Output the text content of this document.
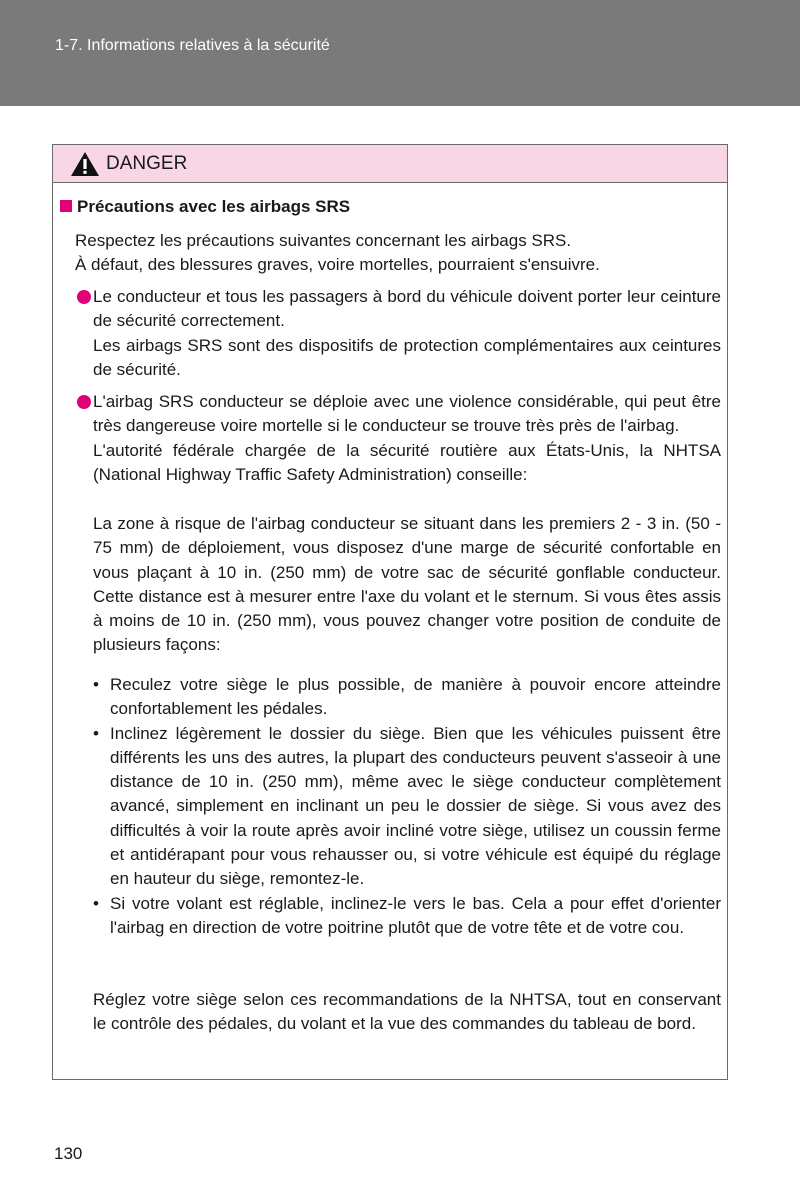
1-7. Informations relatives à la sécurité
DANGER
Précautions avec les airbags SRS
Respectez les précautions suivantes concernant les airbags SRS.
À défaut, des blessures graves, voire mortelles, pourraient s'ensuivre.
Le conducteur et tous les passagers à bord du véhicule doivent porter leur ceinture de sécurité correctement.
Les airbags SRS sont des dispositifs de protection complémentaires aux ceintures de sécurité.
L'airbag SRS conducteur se déploie avec une violence considérable, qui peut être très dangereuse voire mortelle si le conducteur se trouve très près de l'airbag.
L'autorité fédérale chargée de la sécurité routière aux États-Unis, la NHTSA (National Highway Traffic Safety Administration) conseille:
La zone à risque de l'airbag conducteur se situant dans les premiers 2 - 3 in. (50 - 75 mm) de déploiement, vous disposez d'une marge de sécurité confortable en vous plaçant à 10 in. (250 mm) de votre sac de sécurité gonflable conducteur. Cette distance est à mesurer entre l'axe du volant et le sternum. Si vous êtes assis à moins de 10 in. (250 mm), vous pouvez changer votre position de conduite de plusieurs façons:
• Reculez votre siège le plus possible, de manière à pouvoir encore atteindre confortablement les pédales.
• Inclinez légèrement le dossier du siège. Bien que les véhicules puissent être différents les uns des autres, la plupart des conducteurs peuvent s'asseoir à une distance de 10 in. (250 mm), même avec le siège conducteur complètement avancé, simplement en inclinant un peu le dossier de siège. Si vous avez des difficultés à voir la route après avoir incliné votre siège, utilisez un coussin ferme et antidérapant pour vous rehausser ou, si votre véhicule est équipé du réglage en hauteur du siège, remontez-le.
• Si votre volant est réglable, inclinez-le vers le bas. Cela a pour effet d'orienter l'airbag en direction de votre poitrine plutôt que de votre tête et de votre cou.
Réglez votre siège selon ces recommandations de la NHTSA, tout en conservant le contrôle des pédales, du volant et la vue des commandes du tableau de bord.
130
